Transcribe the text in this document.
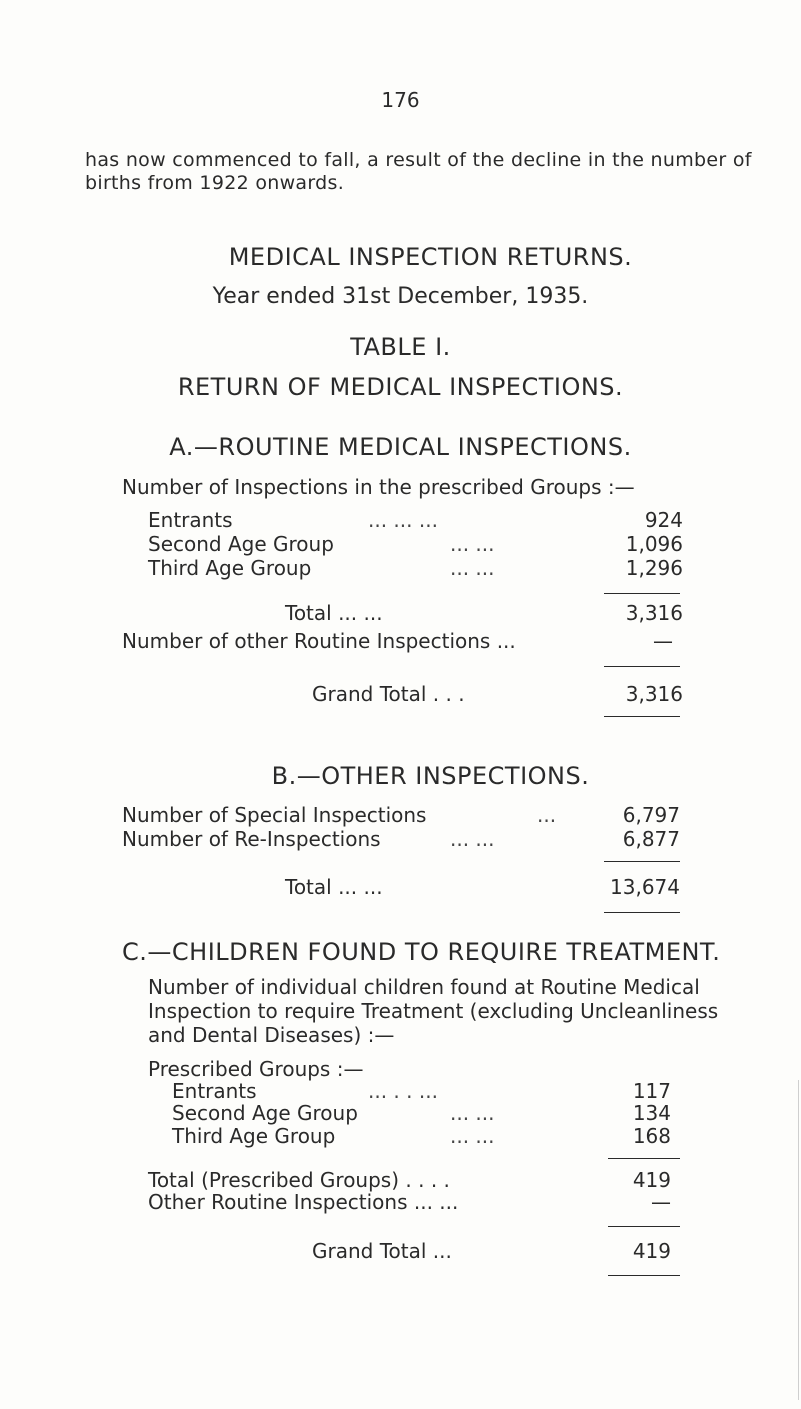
176
has now commenced to fall, a result of the decline in the number of
births from 1922 onwards.
MEDICAL INSPECTION RETURNS.
Year ended 31st December, 1935.
TABLE I.
RETURN OF MEDICAL INSPECTIONS.
A.—ROUTINE MEDICAL INSPECTIONS.
Number of Inspections in the prescribed Groups :—
Entrants	... ... ...	924
Second Age Group	... ...	1,096
Third Age Group	... ...	1,296
Total ... ...	3,316
Number of other Routine Inspections ...	—
Grand Total . . .	3,316
B.—OTHER INSPECTIONS.
Number of Special Inspections	...	6,797
Number of Re-Inspections	... ...	6,877
Total ... ...	13,674
C.—CHILDREN FOUND TO REQUIRE TREATMENT.
Number of individual children found at Routine Medical
Inspection to require Treatment (excluding Uncleanliness
and Dental Diseases) :—
Prescribed Groups :—
Entrants	... . . ...	117
Second Age Group	... ...	134
Third Age Group	... ...	168
Total (Prescribed Groups) . . . .	419
Other Routine Inspections ... ...	—
Grand Total ...	419
